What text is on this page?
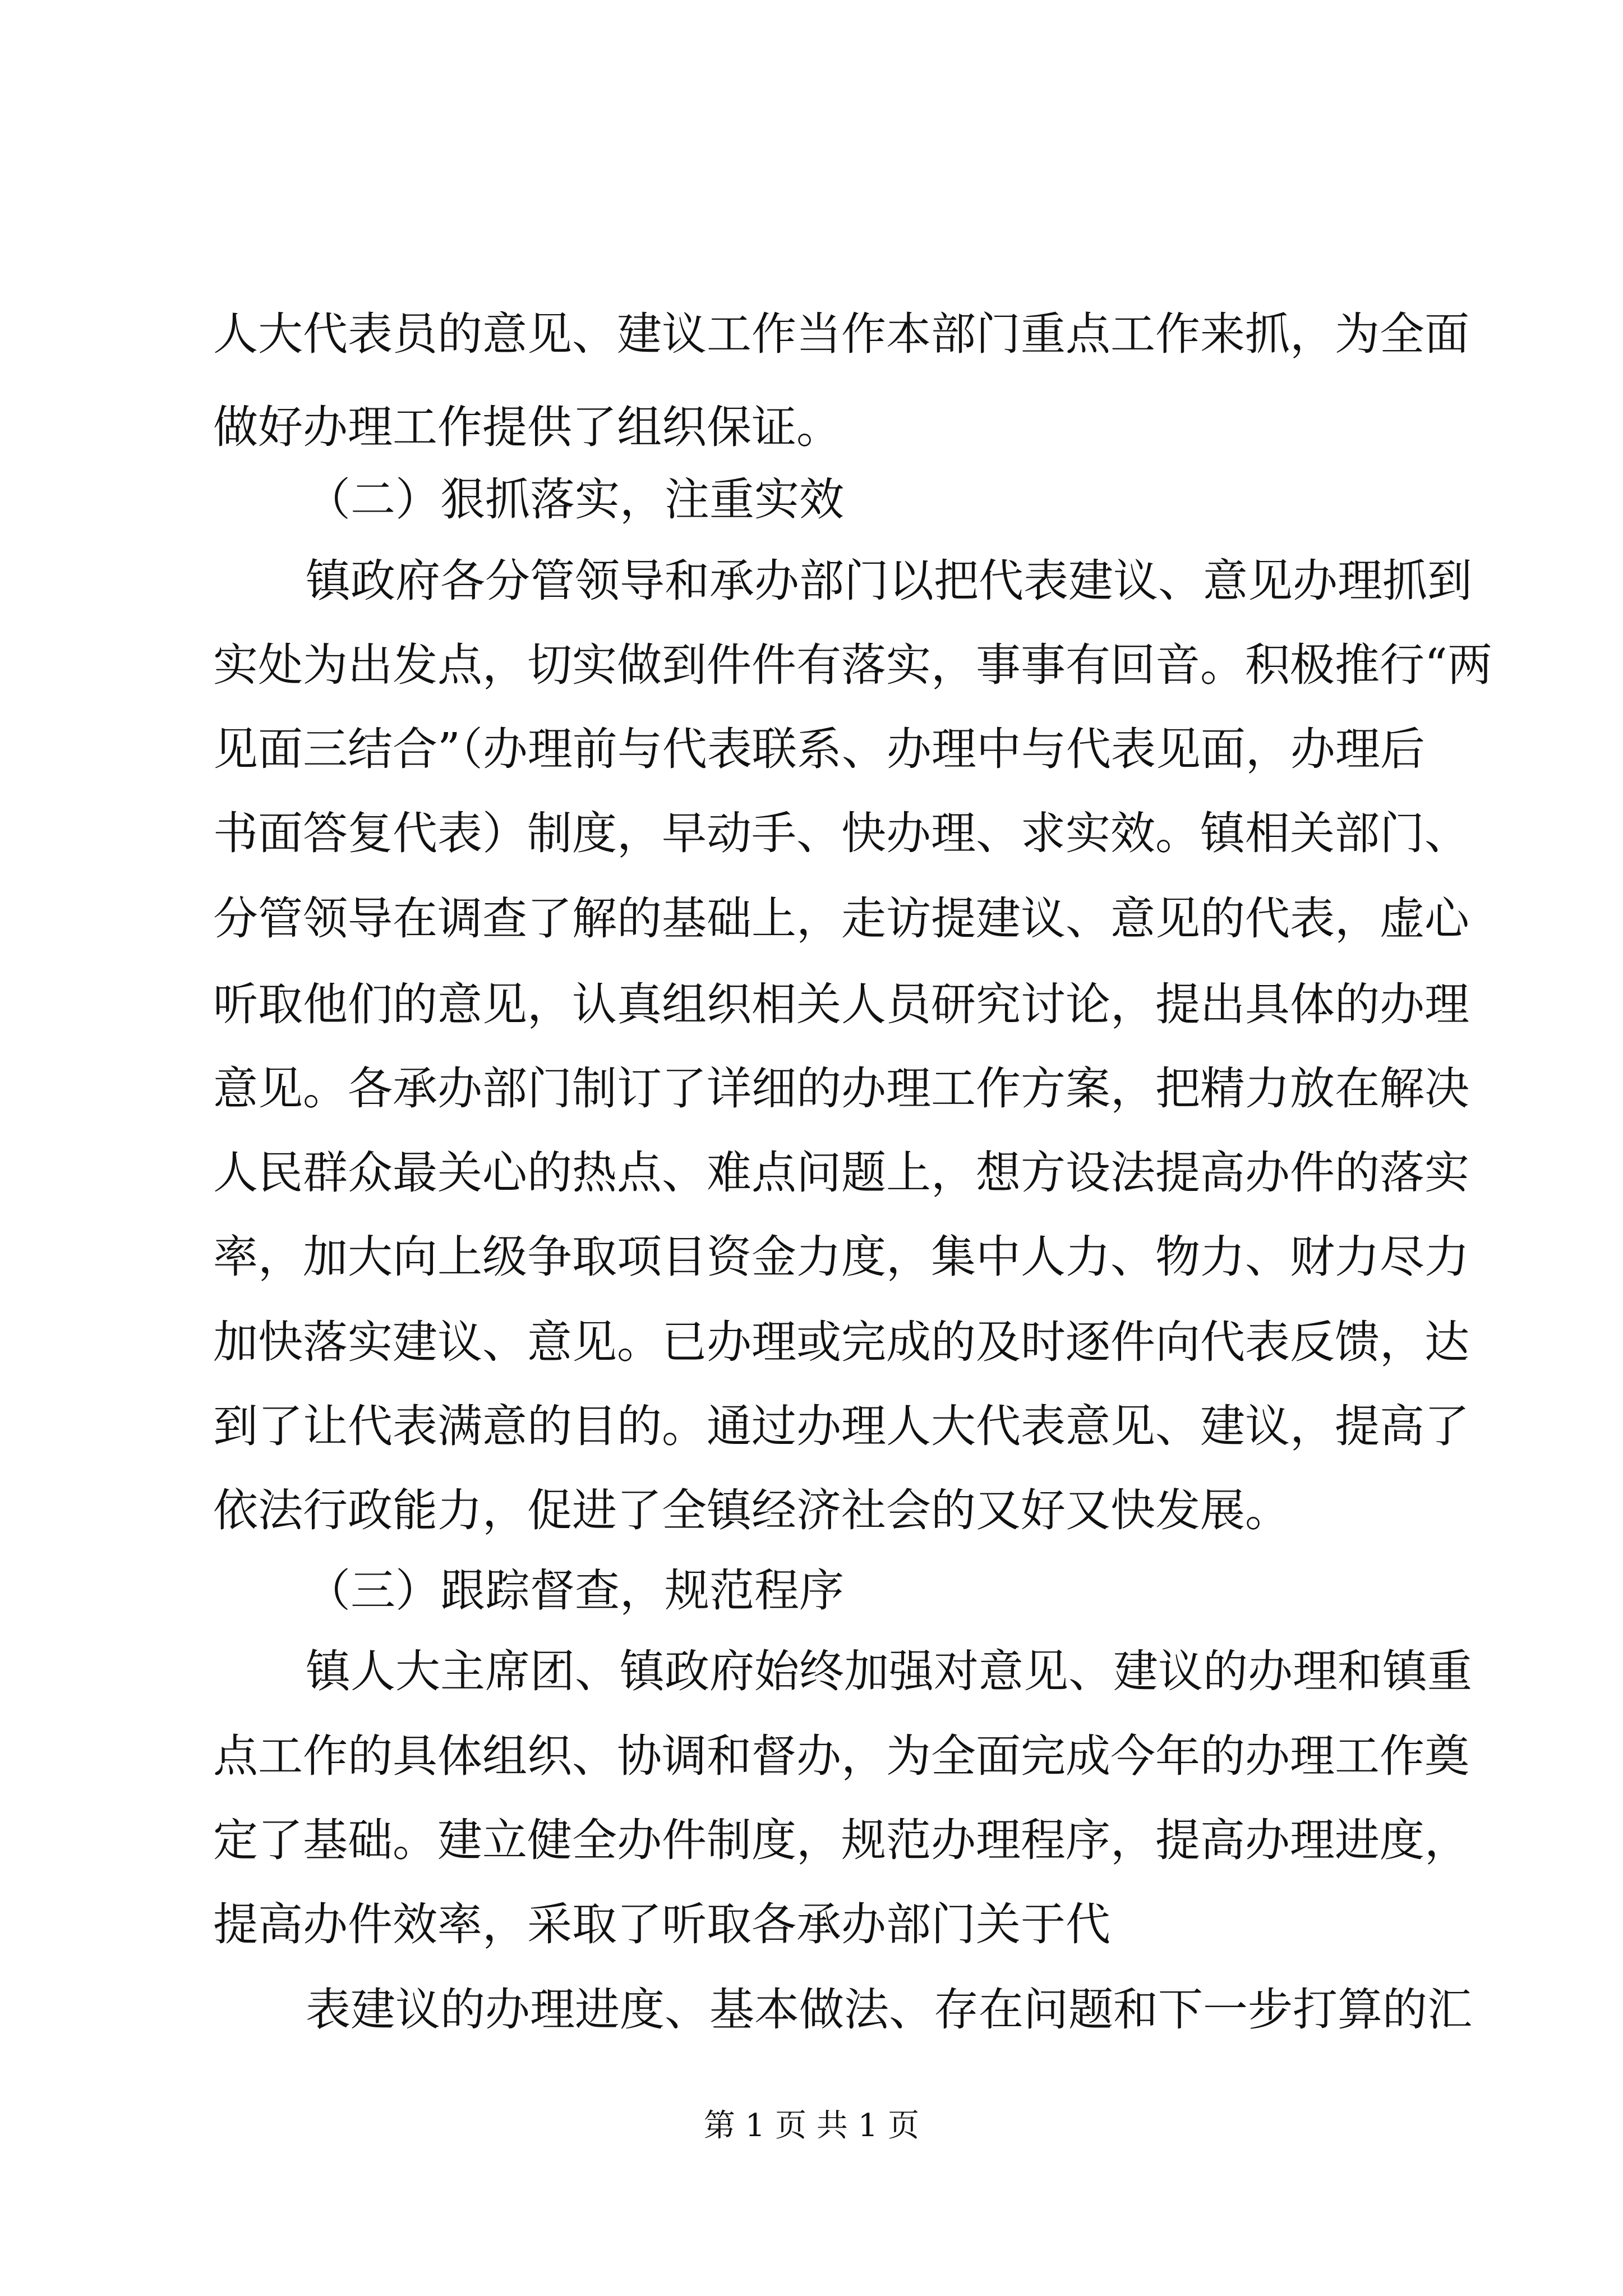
人大代表员的意见、建议工作当作本部门重点工作来抓，为全面
做好办理工作提供了组织保证。
（二）狠抓落实，注重实效
镇政府各分管领导和承办部门以把代表建议、意见办理抓到
实处为出发点，切实做到件件有落实，事事有回音。积极推行“两
见面三结合”（办理前与代表联系、办理中与代表见面，办理后
书面答复代表）制度，早动手、快办理、求实效。镇相关部门、
分管领导在调查了解的基础上，走访提建议、意见的代表，虚心
听取他们的意见，认真组织相关人员研究讨论，提出具体的办理
意见。各承办部门制订了详细的办理工作方案，把精力放在解决
人民群众最关心的热点、难点问题上，想方设法提高办件的落实
率，加大向上级争取项目资金力度，集中人力、物力、财力尽力
加快落实建议、意见。已办理或完成的及时逐件向代表反馈，达
到了让代表满意的目的。通过办理人大代表意见、建议，提高了
依法行政能力，促进了全镇经济社会的又好又快发展。
（三）跟踪督查，规范程序
镇人大主席团、镇政府始终加强对意见、建议的办理和镇重
点工作的具体组织、协调和督办，为全面完成今年的办理工作奠
定了基础。建立健全办件制度，规范办理程序，提高办理进度，
提高办件效率，采取了听取各承办部门关于代
表建议的办理进度、基本做法、存在问题和下一步打算的汇
第 1 页 共 1 页
